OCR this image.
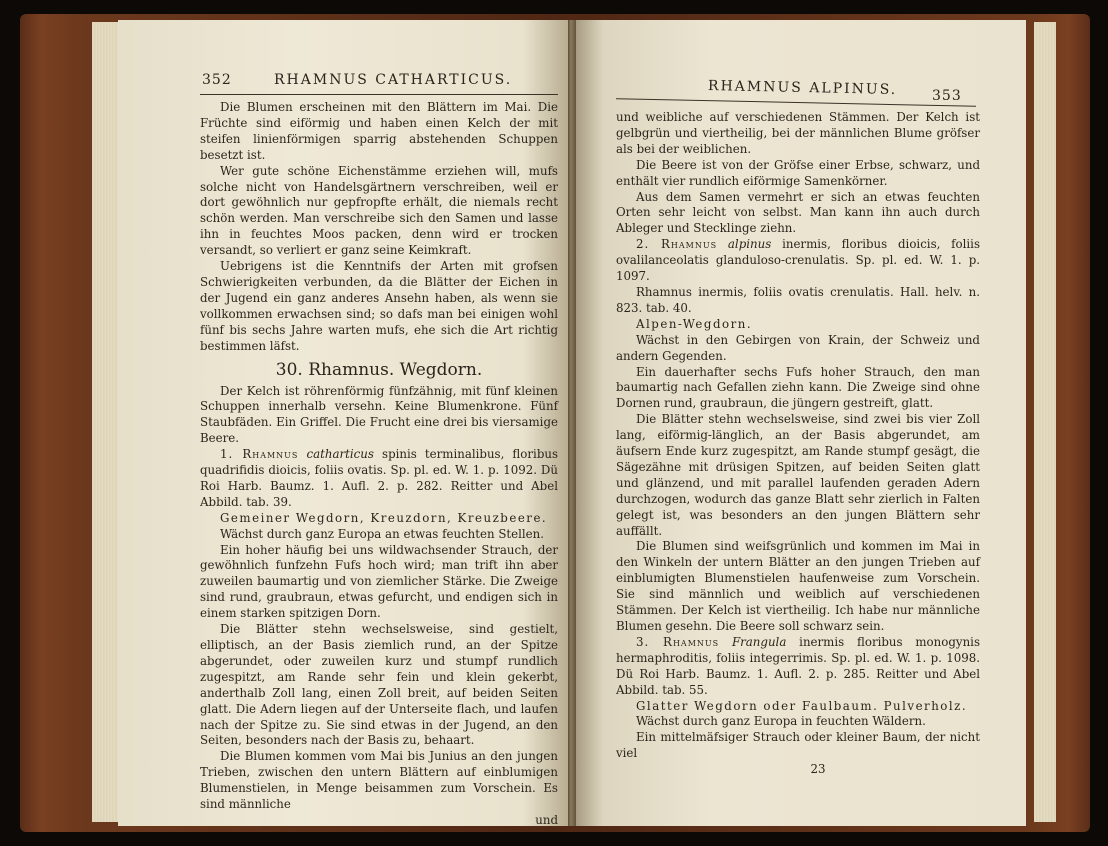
352	RHAMNUS CATHARTICUS.

Die Blumen erscheinen mit den Blättern im Mai. Die Früchte sind eiförmig und haben einen Kelch der mit steifen linienförmigen sparrig abstehenden Schuppen besetzt ist.

Wer gute schöne Eichenstämme erziehen will, mufs solche nicht von Handelsgärtnern verschreiben, weil er dort gewöhnlich nur gepfropfte erhält, die niemals recht schön werden. Man verschreibe sich den Samen und lasse ihn in feuchtes Moos packen, denn wird er trocken versandt, so verliert er ganz seine Keimkraft.

Uebrigens ist die Kenntnifs der Arten mit grofsen Schwierigkeiten verbunden, da die Blätter der Eichen in der Jugend ein ganz anderes Ansehn haben, als wenn sie vollkommen erwachsen sind; so dafs man bei einigen wohl fünf bis sechs Jahre warten mufs, ehe sich die Art richtig bestimmen läfst.

30. Rhamnus. Wegdorn.

Der Kelch ist röhrenförmig fünfzähnig, mit fünf kleinen Schuppen innerhalb versehn. Keine Blumenkrone. Fünf Staubfäden. Ein Griffel. Die Frucht eine drei bis viersamige Beere.

1. Rhamnus catharticus spinis terminalibus, floribus quadrifidis dioicis, foliis ovatis. Sp. pl. ed. W. 1. p. 1092. Dü Roi Harb. Baumz. 1. Aufl. 2. p. 282. Reitter und Abel Abbild. tab. 39.

Gemeiner Wegdorn, Kreuzdorn, Kreuzbeere.

Wächst durch ganz Europa an etwas feuchten Stellen.

Ein hoher häufig bei uns wildwachsender Strauch, der gewöhnlich funfzehn Fufs hoch wird; man trift ihn aber zuweilen baumartig und von ziemlicher Stärke. Die Zweige sind rund, graubraun, etwas gefurcht, und endigen sich in einem starken spitzigen Dorn.

Die Blätter stehn wechselsweise, sind gestielt, elliptisch, an der Basis ziemlich rund, an der Spitze abgerundet, oder zuweilen kurz und stumpf rundlich zugespitzt, am Rande sehr fein und klein gekerbt, anderthalb Zoll lang, einen Zoll breit, auf beiden Seiten glatt. Die Adern liegen auf der Unterseite flach, und laufen nach der Spitze zu. Sie sind etwas in der Jugend, an den Seiten, besonders nach der Basis zu, behaart.

Die Blumen kommen vom Mai bis Junius an den jungen Trieben, zwischen den untern Blättern auf einblumigen Blumenstielen, in Menge beisammen zum Vorschein. Es sind männliche

und

RHAMNUS ALPINUS. 353

und weibliche auf verschiedenen Stämmen. Der Kelch ist gelbgrün und viertheilig, bei der männlichen Blume gröfser als bei der weiblichen.

Die Beere ist von der Gröfse einer Erbse, schwarz, und enthält vier rundlich eiförmige Samenkörner.

Aus dem Samen vermehrt er sich an etwas feuchten Orten sehr leicht von selbst. Man kann ihn auch durch Ableger und Stecklinge ziehn.

2. Rhamnus alpinus inermis, floribus dioicis, foliis ovalilanceolatis glanduloso-crenulatis. Sp. pl. ed. W. 1. p. 1097.

Rhamnus inermis, foliis ovatis crenulatis. Hall. helv. n. 823. tab. 40.

Alpen-Wegdorn.

Wächst in den Gebirgen von Krain, der Schweiz und andern Gegenden.

Ein dauerhafter sechs Fufs hoher Strauch, den man baumartig nach Gefallen ziehn kann. Die Zweige sind ohne Dornen rund, graubraun, die jüngern gestreift, glatt.

Die Blätter stehn wechselsweise, sind zwei bis vier Zoll lang, eiförmig-länglich, an der Basis abgerundet, am äufsern Ende kurz zugespitzt, am Rande stumpf gesägt, die Sägezähne mit drüsigen Spitzen, auf beiden Seiten glatt und glänzend, und mit parallel laufenden geraden Adern durchzogen, wodurch das ganze Blatt sehr zierlich in Falten gelegt ist, was besonders an den jungen Blättern sehr auffällt.

Die Blumen sind weifsgrünlich und kommen im Mai in den Winkeln der untern Blätter an den jungen Trieben auf einblumigten Blumenstielen haufenweise zum Vorschein. Sie sind männlich und weiblich auf verschiedenen Stämmen. Der Kelch ist viertheilig. Ich habe nur männliche Blumen gesehn. Die Beere soll schwarz sein.

3. Rhamnus Frangula inermis floribus monogynis hermaphroditis, foliis integerrimis. Sp. pl. ed. W. 1. p. 1098. Dü Roi Harb. Baumz. 1. Aufl. 2. p. 285. Reitter und Abel Abbild. tab. 55.

Glatter Wegdorn oder Faulbaum. Pulverholz.

Wächst durch ganz Europa in feuchten Wäldern.

Ein mittelmäfsiger Strauch oder kleiner Baum, der nicht viel

23
